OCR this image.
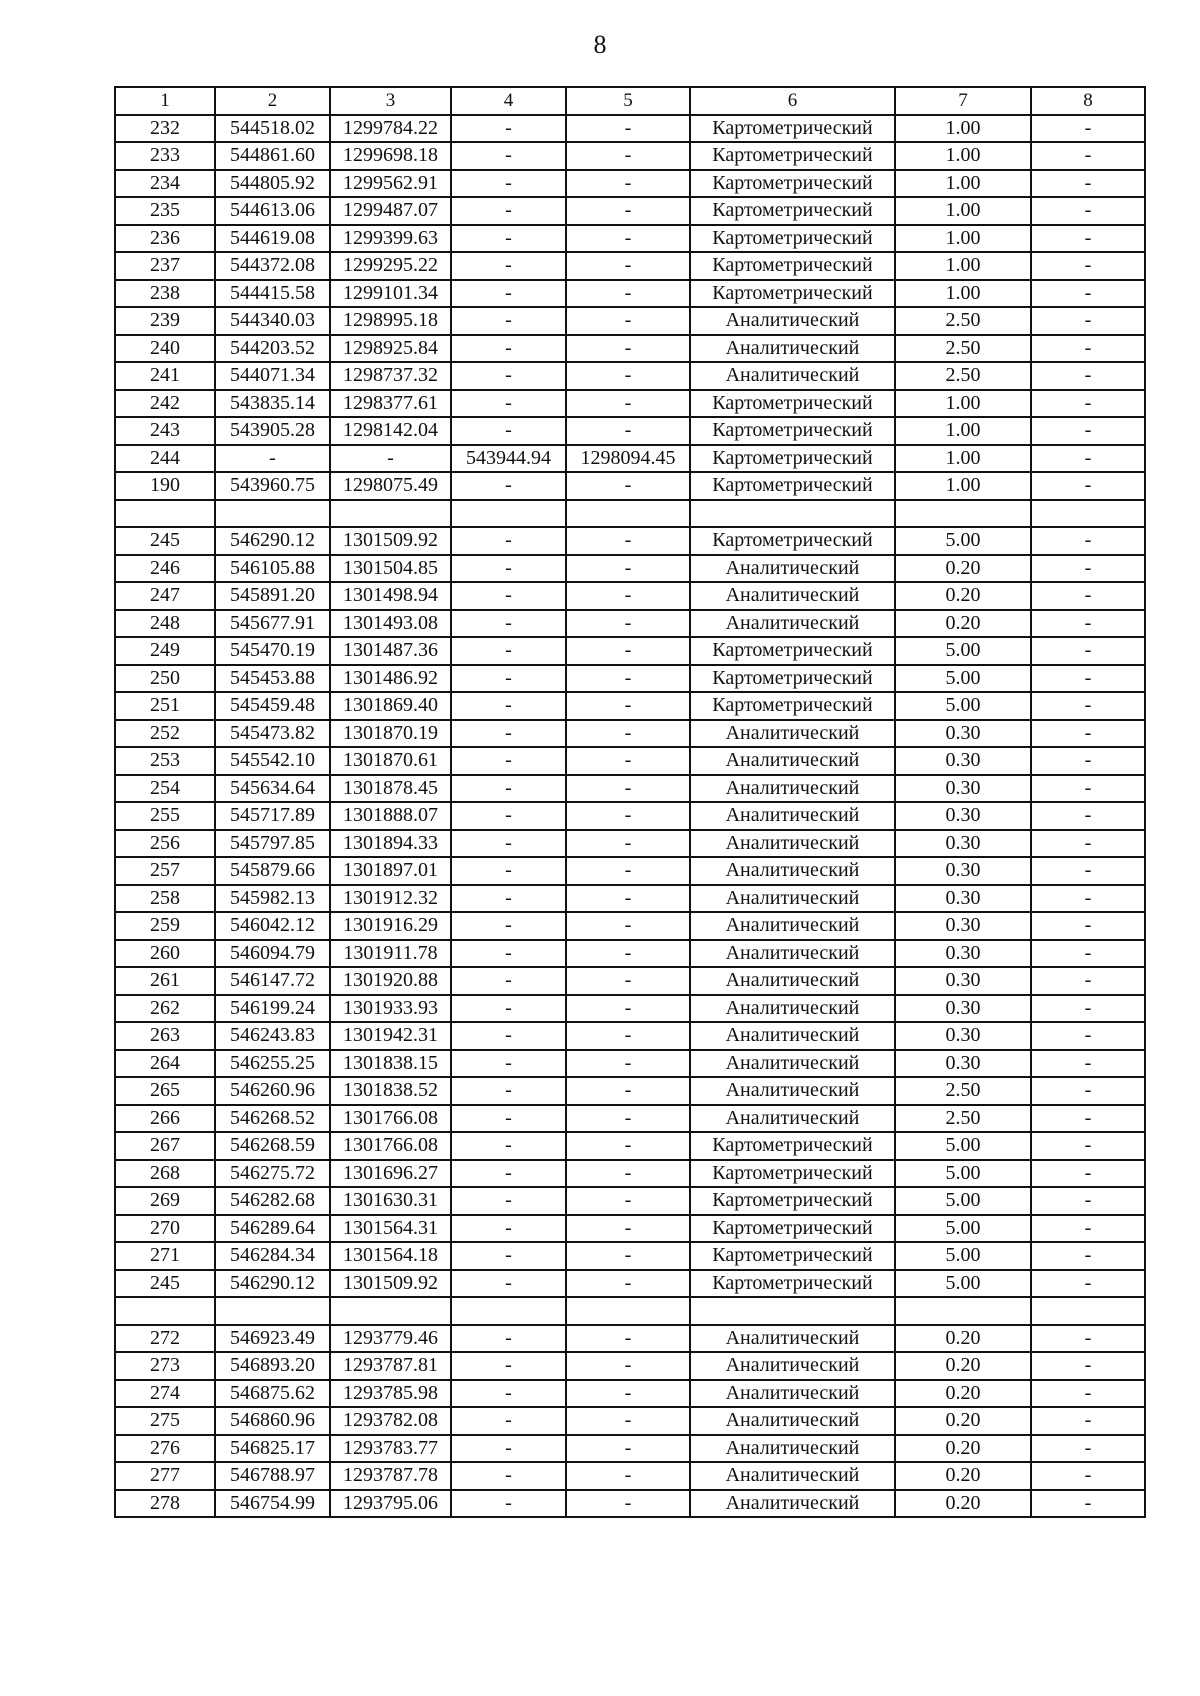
8
1	2	3	4	5	6	7	8
232	544518.02	1299784.22	-	-	Картометрический	1.00	-
233	544861.60	1299698.18	-	-	Картометрический	1.00	-
234	544805.92	1299562.91	-	-	Картометрический	1.00	-
235	544613.06	1299487.07	-	-	Картометрический	1.00	-
236	544619.08	1299399.63	-	-	Картометрический	1.00	-
237	544372.08	1299295.22	-	-	Картометрический	1.00	-
238	544415.58	1299101.34	-	-	Картометрический	1.00	-
239	544340.03	1298995.18	-	-	Аналитический	2.50	-
240	544203.52	1298925.84	-	-	Аналитический	2.50	-
241	544071.34	1298737.32	-	-	Аналитический	2.50	-
242	543835.14	1298377.61	-	-	Картометрический	1.00	-
243	543905.28	1298142.04	-	-	Картометрический	1.00	-
244	-	-	543944.94	1298094.45	Картометрический	1.00	-
190	543960.75	1298075.49	-	-	Картометрический	1.00	-

245	546290.12	1301509.92	-	-	Картометрический	5.00	-
246	546105.88	1301504.85	-	-	Аналитический	0.20	-
247	545891.20	1301498.94	-	-	Аналитический	0.20	-
248	545677.91	1301493.08	-	-	Аналитический	0.20	-
249	545470.19	1301487.36	-	-	Картометрический	5.00	-
250	545453.88	1301486.92	-	-	Картометрический	5.00	-
251	545459.48	1301869.40	-	-	Картометрический	5.00	-
252	545473.82	1301870.19	-	-	Аналитический	0.30	-
253	545542.10	1301870.61	-	-	Аналитический	0.30	-
254	545634.64	1301878.45	-	-	Аналитический	0.30	-
255	545717.89	1301888.07	-	-	Аналитический	0.30	-
256	545797.85	1301894.33	-	-	Аналитический	0.30	-
257	545879.66	1301897.01	-	-	Аналитический	0.30	-
258	545982.13	1301912.32	-	-	Аналитический	0.30	-
259	546042.12	1301916.29	-	-	Аналитический	0.30	-
260	546094.79	1301911.78	-	-	Аналитический	0.30	-
261	546147.72	1301920.88	-	-	Аналитический	0.30	-
262	546199.24	1301933.93	-	-	Аналитический	0.30	-
263	546243.83	1301942.31	-	-	Аналитический	0.30	-
264	546255.25	1301838.15	-	-	Аналитический	0.30	-
265	546260.96	1301838.52	-	-	Аналитический	2.50	-
266	546268.52	1301766.08	-	-	Аналитический	2.50	-
267	546268.59	1301766.08	-	-	Картометрический	5.00	-
268	546275.72	1301696.27	-	-	Картометрический	5.00	-
269	546282.68	1301630.31	-	-	Картометрический	5.00	-
270	546289.64	1301564.31	-	-	Картометрический	5.00	-
271	546284.34	1301564.18	-	-	Картометрический	5.00	-
245	546290.12	1301509.92	-	-	Картометрический	5.00	-

272	546923.49	1293779.46	-	-	Аналитический	0.20	-
273	546893.20	1293787.81	-	-	Аналитический	0.20	-
274	546875.62	1293785.98	-	-	Аналитический	0.20	-
275	546860.96	1293782.08	-	-	Аналитический	0.20	-
276	546825.17	1293783.77	-	-	Аналитический	0.20	-
277	546788.97	1293787.78	-	-	Аналитический	0.20	-
278	546754.99	1293795.06	-	-	Аналитический	0.20	-
